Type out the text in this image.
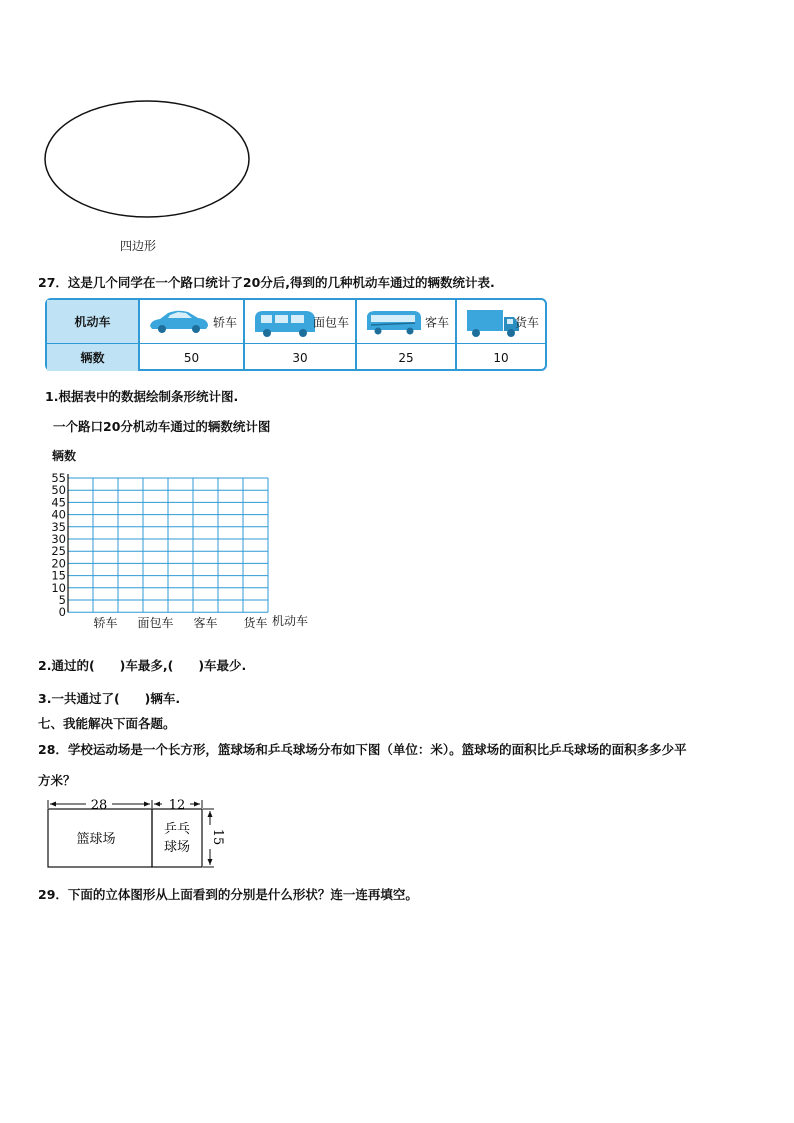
四边形
27．这是几个同学在一个路口统计了20分后,得到的几种机动车通过的辆数统计表.
机动车	轿车	面包车	客车	货车
辆数	50	30	25	10
1.根据表中的数据绘制条形统计图.
一个路口20分机动车通过的辆数统计图
0
5
10
15
20
25
30
35
40
45
50
55
辆数
轿车 面包车 客车 货车 机动车
2.通过的(　　)车最多,(　　)车最少.
3.一共通过了(　　)辆车.
七、我能解决下面各题。
28．学校运动场是一个长方形，篮球场和乒乓球场分布如下图（单位：米）。篮球场的面积比乒乓球场的面积多多少平
方米？
28	12
15
篮球场
乒乓
球场
29．下面的立体图形从上面看到的分别是什么形状？连一连再填空。
